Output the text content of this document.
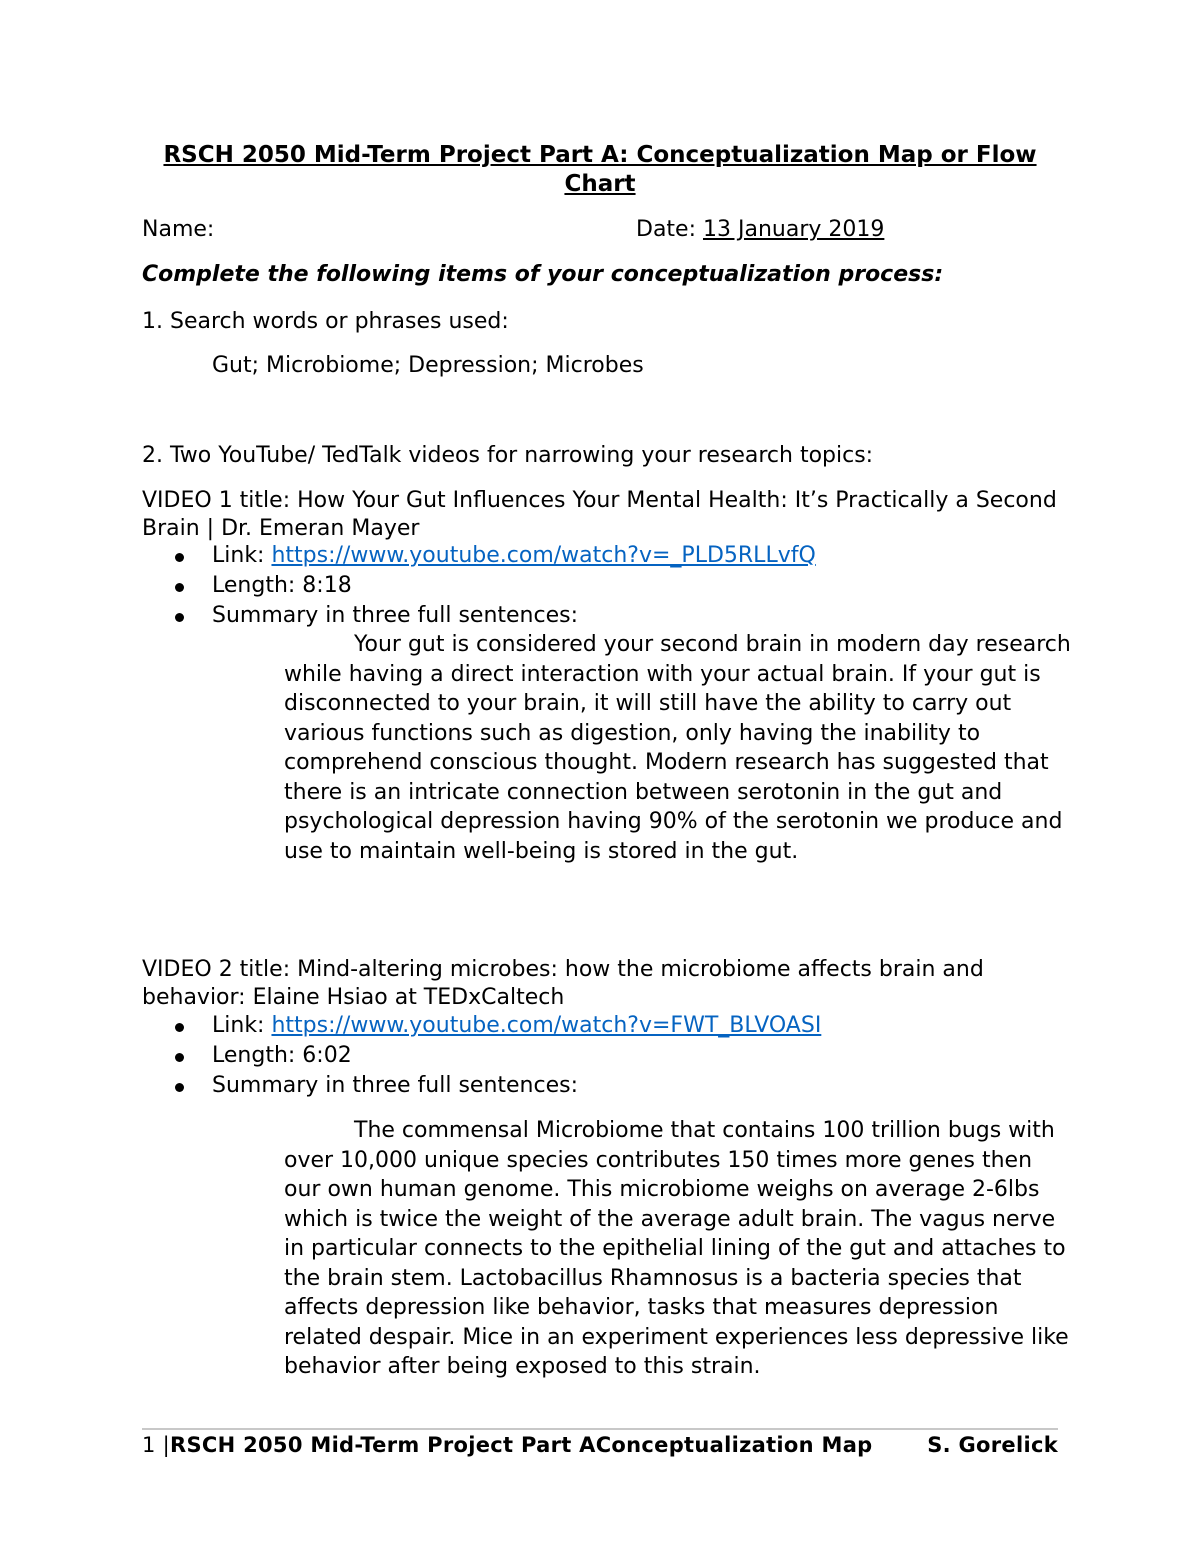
RSCH 2050 Mid-Term Project Part A: Conceptualization Map or Flow Chart
Name:	Date: 13 January 2019
Complete the following items of your conceptualization process:
1. Search words or phrases used:
Gut; Microbiome; Depression; Microbes
2. Two YouTube/ TedTalk videos for narrowing your research topics:
VIDEO 1 title: How Your Gut Influences Your Mental Health: It’s Practically a Second Brain | Dr. Emeran Mayer
Link: https://www.youtube.com/watch?v=_PLD5RLLvfQ
Length: 8:18
Summary in three full sentences:

Your gut is considered your second brain in modern day research while having a direct interaction with your actual brain. If your gut is disconnected to your brain, it will still have the ability to carry out various functions such as digestion, only having the inability to comprehend conscious thought. Modern research has suggested that there is an intricate connection between serotonin in the gut and psychological depression having 90% of the serotonin we produce and use to maintain well-being is stored in the gut.

VIDEO 2 title: Mind-altering microbes: how the microbiome affects brain and behavior: Elaine Hsiao at TEDxCaltech
Link: https://www.youtube.com/watch?v=FWT_BLVOASI
Length: 6:02
Summary in three full sentences:

The commensal Microbiome that contains 100 trillion bugs with over 10,000 unique species contributes 150 times more genes then our own human genome. This microbiome weighs on average 2-6lbs which is twice the weight of the average adult brain. The vagus nerve in particular connects to the epithelial lining of the gut and attaches to the brain stem. Lactobacillus Rhamnosus is a bacteria species that affects depression like behavior, tasks that measures depression related despair. Mice in an experiment experiences less depressive like behavior after being exposed to this strain.

1 |RSCH 2050 Mid-Term Project Part AConceptualization Map	S. Gorelick
